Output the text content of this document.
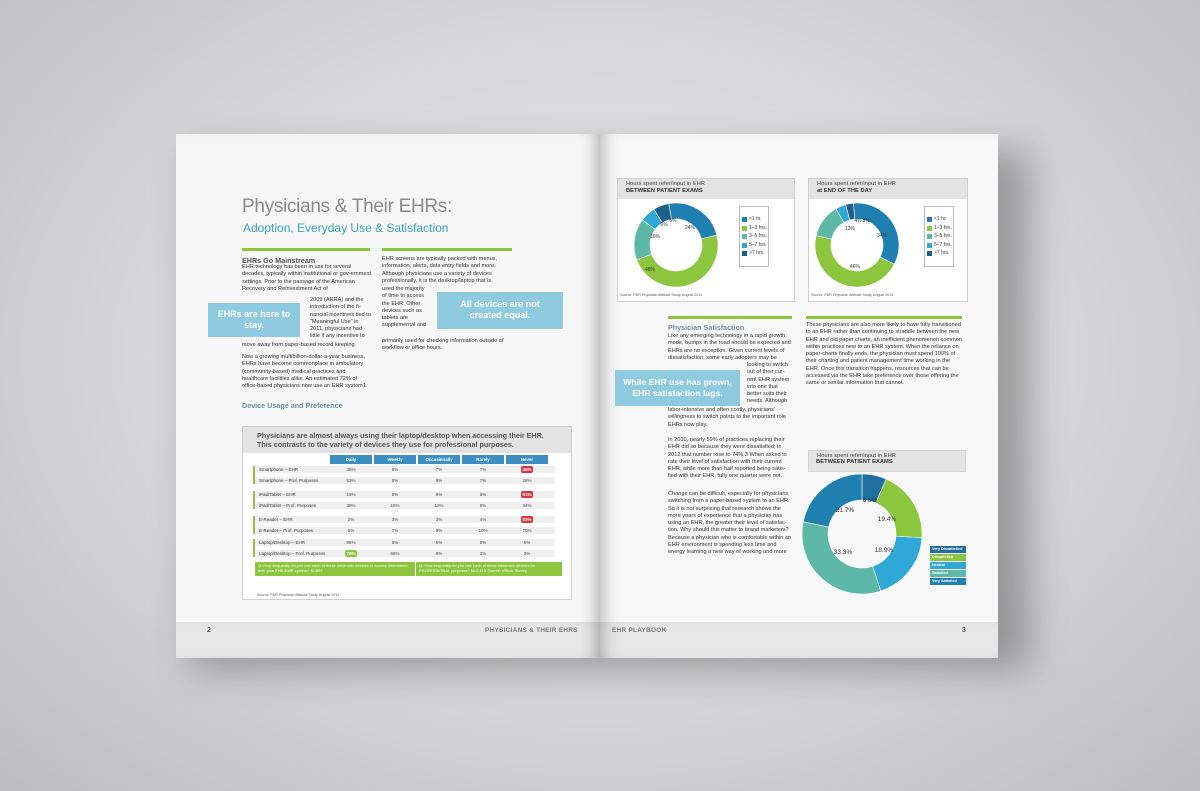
Physicians & Their EHRs:
Adoption, Everyday Use & Satisfaction
EHRs Go Mainstream
EHR technology has been in use for several decades, typically within institutional or gov-ernment settings. Prior to the passage of the American Recovery and Reinvestment Act of
2009 (ARRA) and the introduction of the fi-nancial incentives tied to “Meaningful Use” in 2011, physicians had little if any incentive to
move away from paper-based record keeping.
Now a growing multibillion-dollar-a-year business, EHRs have become commonplace in ambulatory (community-based) medical practices and healthcare facilities alike. An estimated 72% of office-based physicians now use an EHR system1.
Device Usage and Preference
EHRs are here to stay.
EHR screens are typically packed with menus, information, alerts, data entry fields and more. Although physicians use a variety of devices professionally, it is the desktop/laptop that is
used the majority of time to access the EHR. Other devices such as tablets are supplemental and
primarily used for checking information outside of workflow or office hours.
All devices are not created equal.
Physicians are almost always using their laptop/desktop when accessing their EHR. This contrasts to the variety of devices they use for professional purposes.
Source: PDR Physician Attitude Study, August 2013
Daily	Weekly	Occasionally	Rarely	Never
Smartphone – EHR	35%	6%	7%	7%	45%
Smartphone – Prof. Purposes	53%	8%	9%	7%	28%
iPad/Tablet – EHR	16%	8%	9%	6%	61%
iPad/Tablet – Prof. Purposes	38%	15%	12%	9%	34%
E-Reader – EHR	2%	3%	3%	4%	83%
E-Reader – Prof. Purposes	5%	7%	9%	10%	70%
Laptop/Desktop – EHR	85%	5%	5%	8%	5%
Laptop/Desktop – Prof. Purposes	78%	58%	8%	3%	3%
Q: How frequently do you use each of these electronic devices to access information with your EHR/EMR system? N=897
Q: How frequently do you use each of these electronic devices for PROFESSIONAL purposes? N=2,415 Source: eBook Survey
2	PHYSICIANS & THEIR EHRS
Hours spent refer/input in EHR
BETWEEN PATIENT EXAMS
Source: PDR Physician Attitude Study, August 2013
Hours spent refer/input in EHR
at END OF THE DAY
Source: PDR Physician Attitude Study, August 2013
24%
48%
16%
6%
6%
34%
46%
13%
4% 3%
6.6%
19.4%
18.9%
33.3%
21.7%
Physician Satisfaction
Like any emerging technology in a rapid growth mode, bumps in the road should be expected and EHRs are no exception. Given current levels of dissatisfaction, some early adopters may be
looking to switch out of their cur-rent EHR system into one that better suits their needs. Although
labor-intensive and often costly, physicians’ willingness to switch points to the important role EHRs now play.
In 2010, nearly 59% of practices replacing their EHR did so because they were dissatisfied; in 2012 that number rose to 74%.3 When asked to rate their level of satisfaction with their current EHR, while more than half reported being satis-fied with their EHR, fully one quarter were not.
Change can be difficult, especially for physicians switching from a paper-based system to an EHR. So it is not surprising that research shows the more years of experience that a physician has using an EHR, the greater their level of satisfac-tion. Why should this matter to brand marketers? Because a physician who is comfortable within an EHR environment is spending less time and energy learning a new way of working and more
While EHR use has grown, EHR satisfaction lags.
These physicians are also more likely to have fully transitioned to an EHR rather than continuing to straddle between the new EHR and old paper charts, an inefficient phenomenon common within practices new to an EHR system. When the reliance on paper-charts finally ends, the physician must spend 100% of their charting and patient management time working in the EHR. Once this transition happens, resources that can be accessed via the EHR take preference over those offering the same or similar information that cannot.
Hours spent refer/input in EHR
BETWEEN PATIENT EXAMS
EHR PLAYBOOK	3
<1 hr.
1–3 hrs.
3–5 hrs.
5–7 hrs.
>7 hrs.
<1 hr.
1–3 hrs.
3–5 hrs.
5–7 hrs.
>7 hrs.
Very Dissatisfied
Dissatisfied
Neutral
Satisfied
Very Satisfied
